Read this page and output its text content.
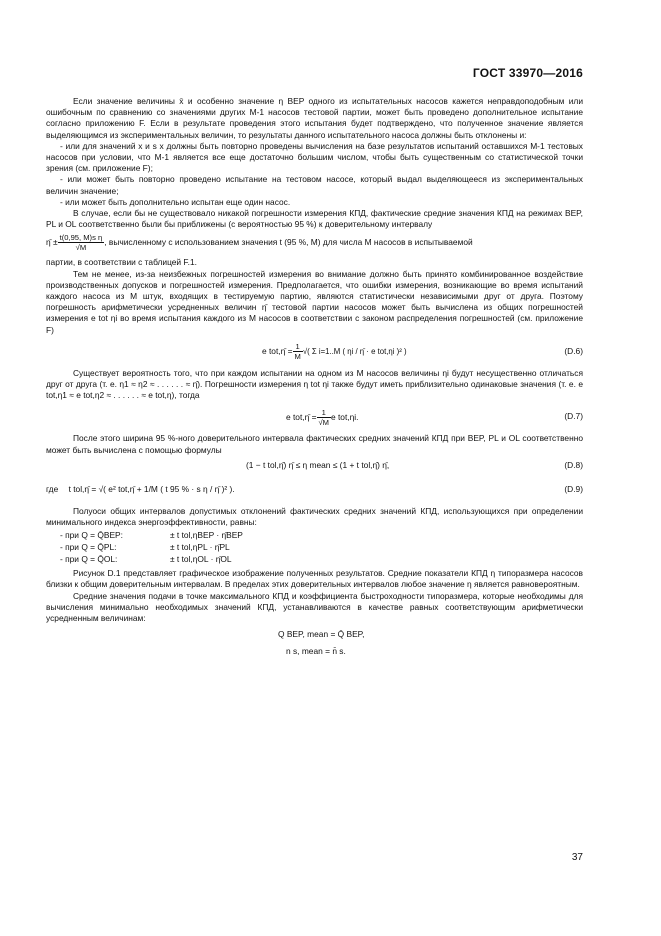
ГОСТ 33970—2016

Если значение величины x̄ и особенно значение η BEP одного из испытательных насосов кажется неправдоподобным или ошибочным по сравнению со значениями других M-1 насосов тестовой партии, может быть проведено дополнительное испытание согласно приложению F. Если в результате проведения этого испытания будет подтверждено, что полученное значение является выделяющимся из экспериментальных величин, то результаты данного испытательного насоса должны быть отклонены и:

- или для значений x и s x должны быть повторно проведены вычисления на базе результатов испытаний оставшихся M-1 тестовых насосов при условии, что M-1 является все еще достаточно большим числом, чтобы быть существенным со статистической точки зрения (см. приложение F);

- или может быть повторно проведено испытание на тестовом насосе, который выдал выделяющееся из экспериментальных величин значение;

- или может быть дополнительно испытан еще один насос.

В случае, если бы не существовало никакой погрешности измерения КПД, фактические средние значения КПД на режимах BEP, PL и OL соответственно были бы приближены (с вероятностью 95 %) к доверительному интервалу

η̄ ± $\frac{\text{t(0,95, M)s η}}{√M}$ , вычисленному с использованием значения t (95 %, M) для числа M насосов в испытываемой

партии, в соответствии с таблицей F.1.

Тем не менее, из-за неизбежных погрешностей измерения во внимание должно быть принято комбинированное воздействие производственных допусков и погрешностей измерения. Предполагается, что ошибки измерения, возникающие во время испытаний каждого насоса из M штук, входящих в тестируемую партию, являются статистически независимыми друг от друга. Поэтому погрешность арифметически усредненных величин η̄ тестовой партии насосов может быть вычислена из общих погрешностей измерения e tot ηi во время испытания каждого из M насосов в соответствии с законом распределения погрешностей (см. приложение F)

e tot,η̄ = $\frac{1}{M}$ √( Σ i=1..M ( ηi / η̄ · e tot,ηi )² )	(D.6)

Существует вероятность того, что при каждом испытании на одном из M насосов величины ηi будут несущественно отличаться друг от друга (т. е. η1 ≈ η2 ≈ . . . . . . ≈ η̄). Погрешности измерения η tot ηi также будут иметь приблизительно одинаковые значения (т. е. e tot,η1 ≈ e tot,η2 ≈ . . . . . . ≈ e tot,η), тогда

e tot,η̄ = $\frac{1}{√M}$ e tot,ηi.	(D.7)

После этого ширина 95 %-ного доверительного интервала фактических средних значений КПД при BEP, PL и OL соответственно может быть вычислена с помощью формулы

(1 − t tol,η̄) η̄ ≤ η mean ≤ (1 + t tol,η̄) η̄,	(D.8)
где t tol,η̄ = √( e² tot,η̄ + 1/M ( t 95 % · s η / η̄ )² ).	(D.9)

Полуоси общих интервалов допустимых отклонений фактических средних значений КПД, использующихся при определении минимального индекса энергоэффективности, равны:

- при Q = Q̄BEP:	± t tol,ηBEP · η̄BEP
- при Q = Q̄PL:	± t tol,ηPL · η̄PL
- при Q = Q̄OL:	± t tol,ηOL · η̄OL

Рисунок D.1 представляет графическое изображение полученных результатов. Средние показатели КПД η типоразмера насосов близки к общим доверительным интервалам. В пределах этих доверительных интервалов любое значение η является равновероятным.

Средние значения подачи в точке максимального КПД и коэффициента быстроходности типоразмера, которые необходимы для вычисления минимально необходимых значений КПД, устанавливаются в качестве равных соответствующим арифметически усредненным величинам:

Q BEP, mean = Q̄ BEP,
n s, mean = n̄ s.
37
